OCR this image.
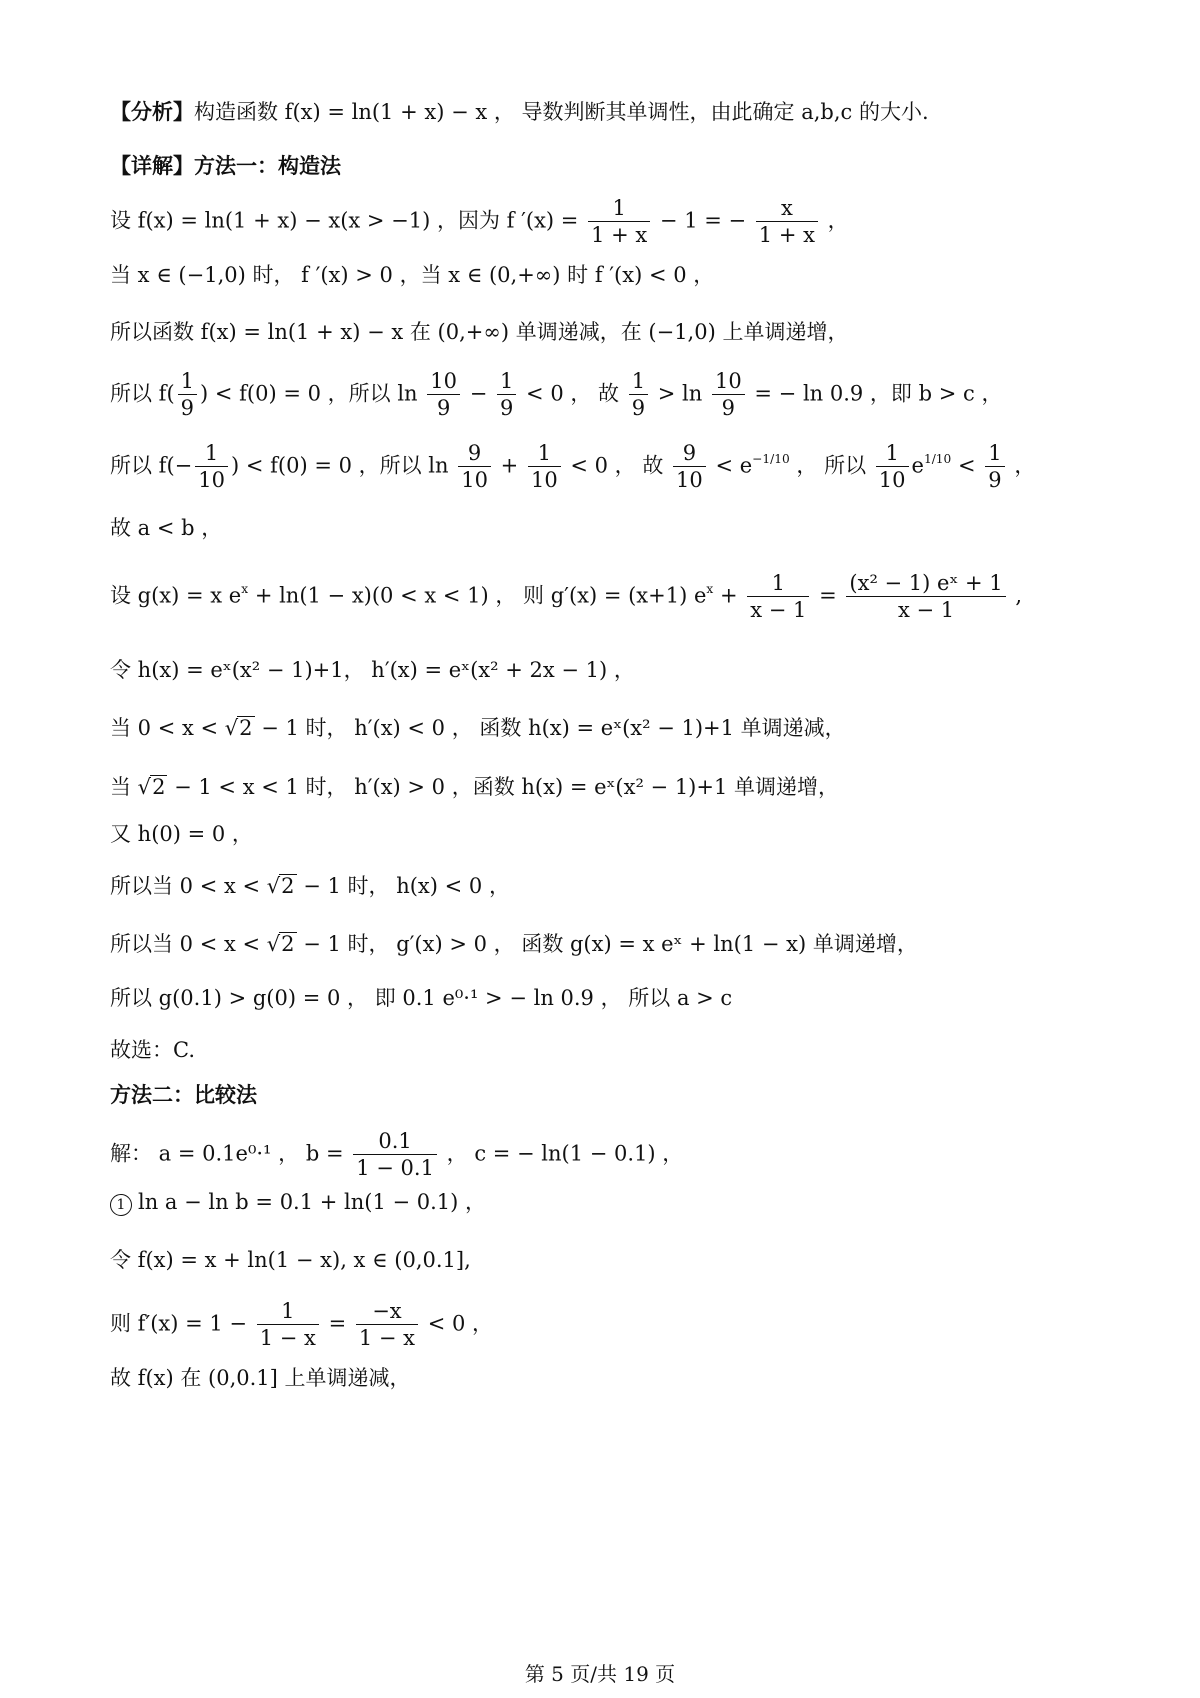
【分析】构造函数 f(x) = ln(1 + x) − x ， 导数判断其单调性，由此确定 a,b,c 的大小.
【详解】方法一：构造法
设 f(x) = ln(1 + x) − x(x > −1) ，因为 f $'(x) = \frac{1}{1 + x} - 1$ = − $\frac{x}{1 + x}$ ，
当 x ∈ (−1,0) 时， f ′(x) > 0 ，当 x ∈ (0,+∞) 时 f ′(x) < 0 ，
所以函数 f(x) = ln(1 + x) − x 在 (0,+∞) 单调递减，在 (−1,0) 上单调递增，
所以 $f( \frac{1}{9}$ ) < f(0) = 0 ，所以 $\ln \frac{10}{9} - \frac{1}{9} < 0$ ， 故 $\frac{1}{9} > \ln \frac{10}{9}$ = − ln 0.9 ，即 b > c ，
所以 $f(- \frac{1}{10}$ ) < f(0) = 0 ，所以 $\ln \frac{9}{10} + \frac{1}{10} < 0$ ， 故 $\frac{9}{10} < e^{-1/10}$ ， 所以 $\frac{1}{10} e^{1/10} < \frac{1}{9}$ ，
故 a < b ，
设 g(x) = x $e^x + \ln(1 - x)(0 < x < 1)$ ， 则 g′(x) = (x+1) $e^x + \frac{1}{x - 1} = \frac{\text{(x² − 1) eˣ + 1}}{x - 1}$ ,
令 h(x) = eˣ(x² − 1)+1， h′(x) = eˣ(x² + 2x − 1) ，
当 0 < x < √2 − 1 时， h′(x) < 0 ， 函数 h(x) = eˣ(x² − 1)+1 单调递减，
当 √2 − 1 < x < 1 时， h′(x) > 0 ，函数 h(x) = eˣ(x² − 1)+1 单调递增，
又 h(0) = 0 ，
所以当 0 < x < √2 − 1 时， h(x) < 0 ，
所以当 0 < x < √2 − 1 时， g′(x) > 0 ， 函数 g(x) = x eˣ + ln(1 − x) 单调递增，
所以 g(0.1) > g(0) = 0 ， 即 0.1 e⁰·¹ > − ln 0.9 ， 所以 a > c
故选：C.
方法二：比较法
解： a = 0.1e⁰·¹ ， $b = \frac{0.1}{1 - 0.1}$ ， c = − ln(1 − 0.1) ，
1 ln a − ln b = 0.1 + ln(1 − 0.1) ，
令 f(x) = x + ln(1 − x), x ∈ (0,0.1],
则 $f'(x) = 1 - \frac{1}{1 - x} = \frac{-x}{1 - x} < 0$ ，
故 f(x) 在 (0,0.1] 上单调递减，
第 5 页/共 19 页
